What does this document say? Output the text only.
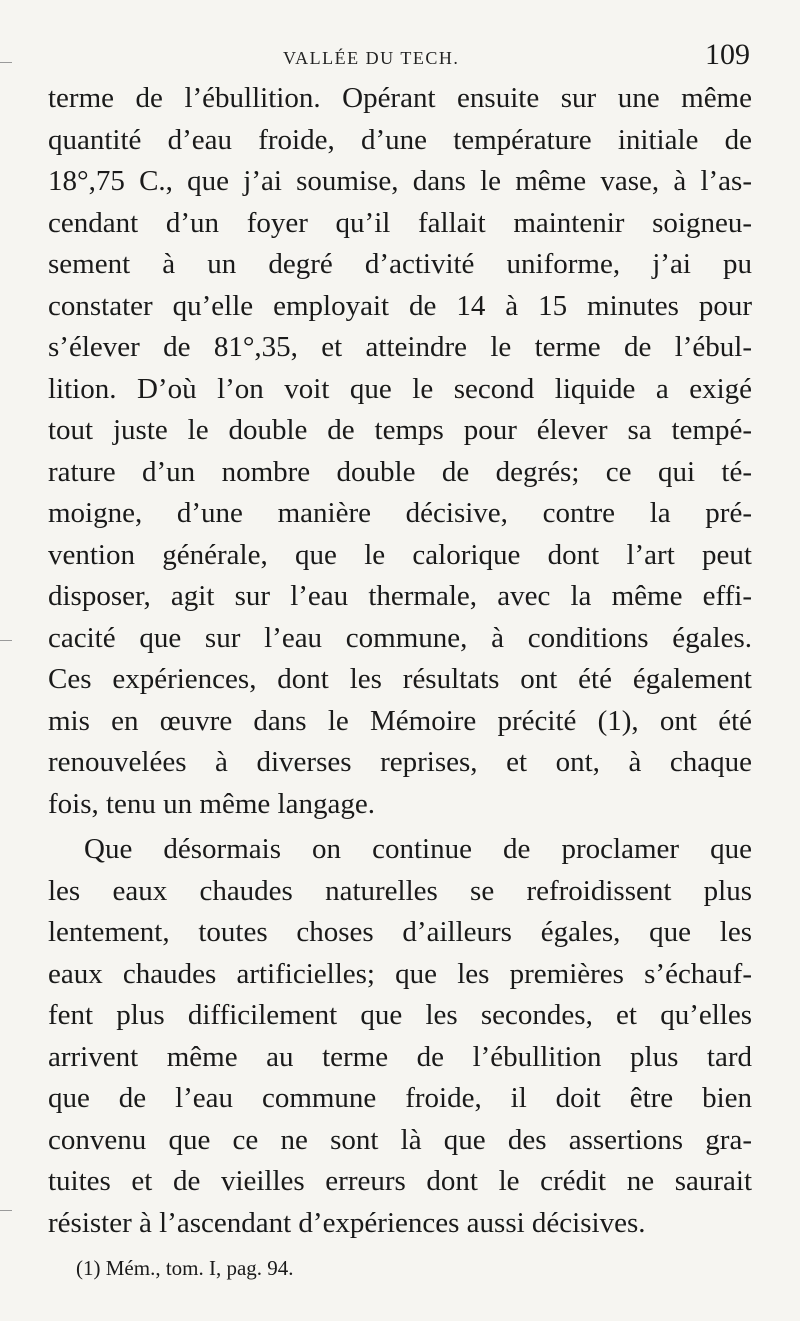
VALLÉE DU TECH.	109
terme de l’ébullition. Opérant ensuite sur une même
quantité d’eau froide, d’une température initiale de
18°,75 C., que j’ai soumise, dans le même vase, à l’as-
cendant d’un foyer qu’il fallait maintenir soigneu-
sement à un degré d’activité uniforme, j’ai pu
constater qu’elle employait de 14 à 15 minutes pour
s’élever de 81°,35, et atteindre le terme de l’ébul-
lition. D’où l’on voit que le second liquide a exigé
tout juste le double de temps pour élever sa tempé-
rature d’un nombre double de degrés; ce qui té-
moigne, d’une manière décisive, contre la pré-
vention générale, que le calorique dont l’art peut
disposer, agit sur l’eau thermale, avec la même effi-
cacité que sur l’eau commune, à conditions égales.
Ces expériences, dont les résultats ont été également
mis en œuvre dans le Mémoire précité (1), ont été
renouvelées à diverses reprises, et ont, à chaque
fois, tenu un même langage.
Que désormais on continue de proclamer que
les eaux chaudes naturelles se refroidissent plus
lentement, toutes choses d’ailleurs égales, que les
eaux chaudes artificielles; que les premières s’échauf-
fent plus difficilement que les secondes, et qu’elles
arrivent même au terme de l’ébullition plus tard
que de l’eau commune froide, il doit être bien
convenu que ce ne sont là que des assertions gra-
tuites et de vieilles erreurs dont le crédit ne saurait
résister à l’ascendant d’expériences aussi décisives.
(1) Mém., tom. I, pag. 94.
